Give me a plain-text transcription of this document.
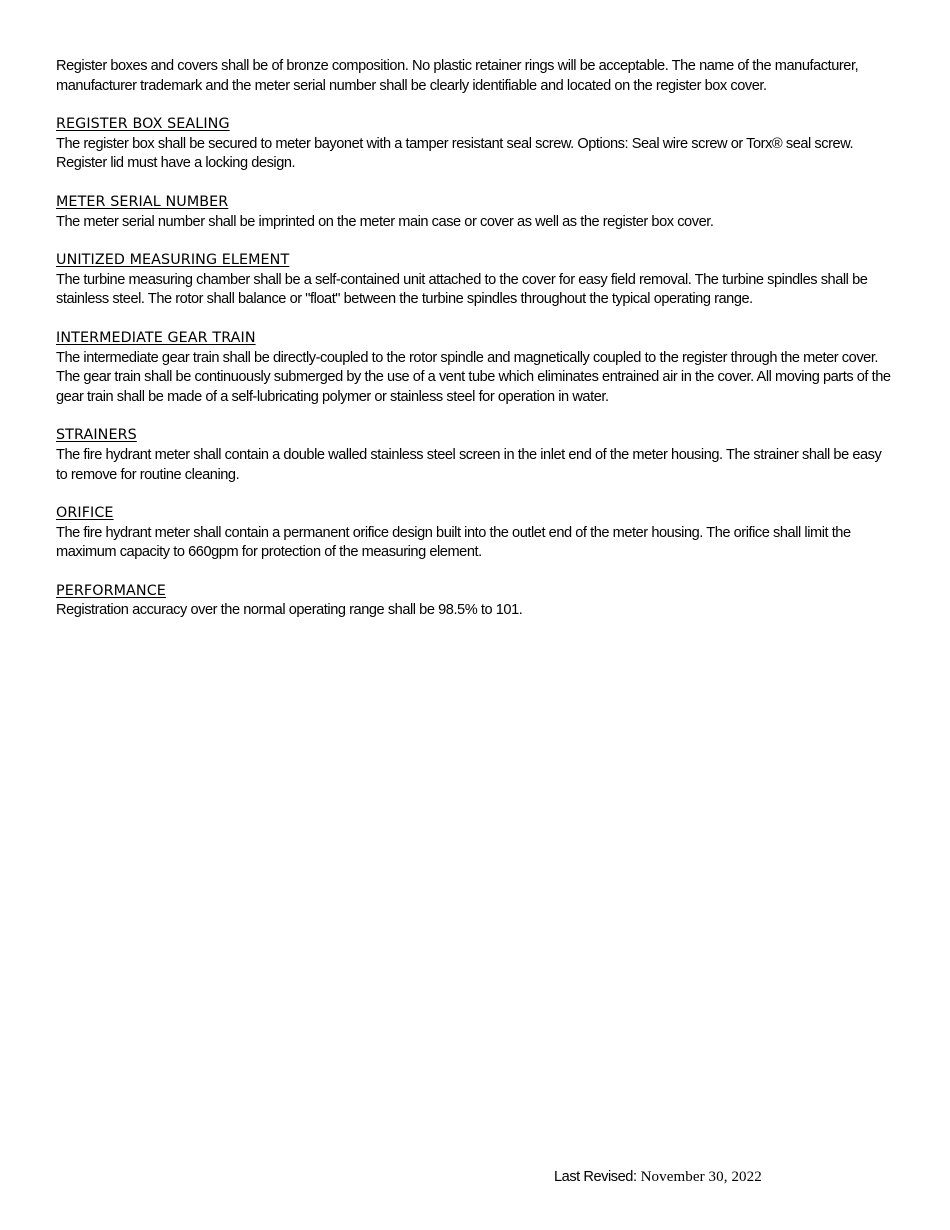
Register boxes and covers shall be of bronze composition. No plastic retainer rings will be acceptable. The name of the manufacturer, manufacturer trademark and the meter serial number shall be clearly identifiable and located on the register box cover.

REGISTER BOX SEALING

The register box shall be secured to meter bayonet with a tamper resistant seal screw. Options: Seal wire screw or Torx® seal screw. Register lid must have a locking design.

METER SERIAL NUMBER

The meter serial number shall be imprinted on the meter main case or cover as well as the register box cover.

UNITIZED MEASURING ELEMENT

The turbine measuring chamber shall be a self-contained unit attached to the cover for easy field removal. The turbine spindles shall be stainless steel. The rotor shall balance or "float" between the turbine spindles throughout the typical operating range.

INTERMEDIATE GEAR TRAIN

The intermediate gear train shall be directly-coupled to the rotor spindle and magnetically coupled to the register through the meter cover. The gear train shall be continuously submerged by the use of a vent tube which eliminates entrained air in the cover. All moving parts of the gear train shall be made of a self-lubricating polymer or stainless steel for operation in water.

STRAINERS

The fire hydrant meter shall contain a double walled stainless steel screen in the inlet end of the meter housing. The strainer shall be easy to remove for routine cleaning.

ORIFICE

The fire hydrant meter shall contain a permanent orifice design built into the outlet end of the meter housing. The orifice shall limit the maximum capacity to 660gpm for protection of the measuring element.

PERFORMANCE

Registration accuracy over the normal operating range shall be 98.5% to 101.

Last Revised: November 30, 2022
